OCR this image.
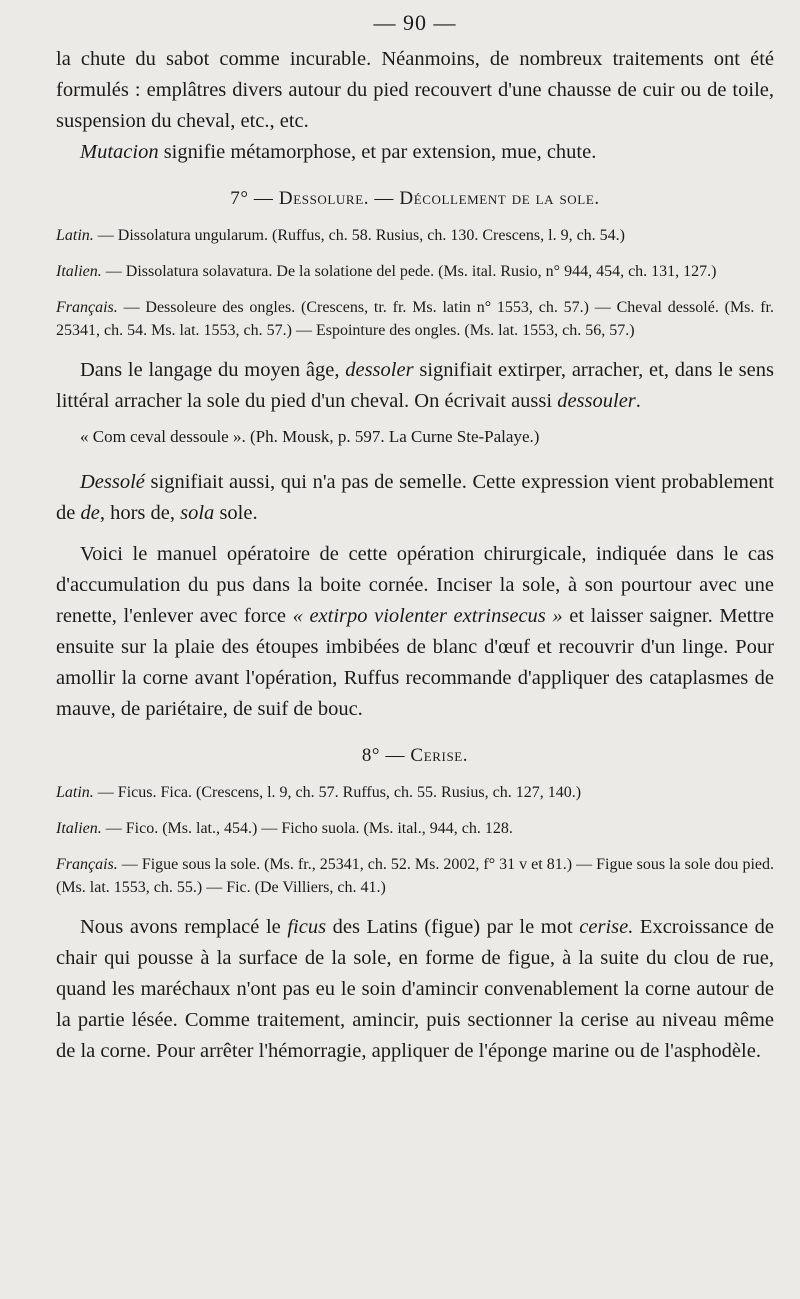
— 90 —

la chute du sabot comme incurable. Néanmoins, de nombreux traitements ont été formulés : emplâtres divers autour du pied recouvert d'une chausse de cuir ou de toile, suspension du cheval, etc., etc.

Mutacion signifie métamorphose, et par extension, mue, chute.

7° — Dessolure. — Décollement de la sole.

Latin. — Dissolatura ungularum. (Ruffus, ch. 58. Rusius, ch. 130. Crescens, l. 9, ch. 54.)

Italien. — Dissolatura solavatura. De la solatione del pede. (Ms. ital. Rusio, n° 944, 454, ch. 131, 127.)

Français. — Dessoleure des ongles. (Crescens, tr. fr. Ms. latin n° 1553, ch. 57.) — Cheval dessolé. (Ms. fr. 25341, ch. 54. Ms. lat. 1553, ch. 57.) — Espointure des ongles. (Ms. lat. 1553, ch. 56, 57.)

Dans le langage du moyen âge, dessoler signifiait extirper, arracher, et, dans le sens littéral arracher la sole du pied d'un cheval. On écrivait aussi dessouler.

« Com ceval dessoule ». (Ph. Mousk, p. 597. La Curne Ste-Palaye.)

Dessolé signifiait aussi, qui n'a pas de semelle. Cette expression vient probablement de de, hors de, sola sole.

Voici le manuel opératoire de cette opération chirurgicale, indiquée dans le cas d'accumulation du pus dans la boite cornée. Inciser la sole, à son pourtour avec une renette, l'enlever avec force « extirpo violenter extrinsecus » et laisser saigner. Mettre ensuite sur la plaie des étoupes imbibées de blanc d'œuf et recouvrir d'un linge. Pour amollir la corne avant l'opération, Ruffus recommande d'appliquer des cataplasmes de mauve, de pariétaire, de suif de bouc.

8° — Cerise.

Latin. — Ficus. Fica. (Crescens, l. 9, ch. 57. Ruffus, ch. 55. Rusius, ch. 127, 140.)

Italien. — Fico. (Ms. lat., 454.) — Ficho suola. (Ms. ital., 944, ch. 128.

Français. — Figue sous la sole. (Ms. fr., 25341, ch. 52. Ms. 2002, f° 31 v et 81.) — Figue sous la sole dou pied. (Ms. lat. 1553, ch. 55.) — Fic. (De Villiers, ch. 41.)

Nous avons remplacé le ficus des Latins (figue) par le mot cerise. Excroissance de chair qui pousse à la surface de la sole, en forme de figue, à la suite du clou de rue, quand les maréchaux n'ont pas eu le soin d'amincir convenablement la corne autour de la partie lésée. Comme traitement, amincir, puis sectionner la cerise au niveau même de la corne. Pour arrêter l'hémorragie, appliquer de l'éponge marine ou de l'asphodèle.
